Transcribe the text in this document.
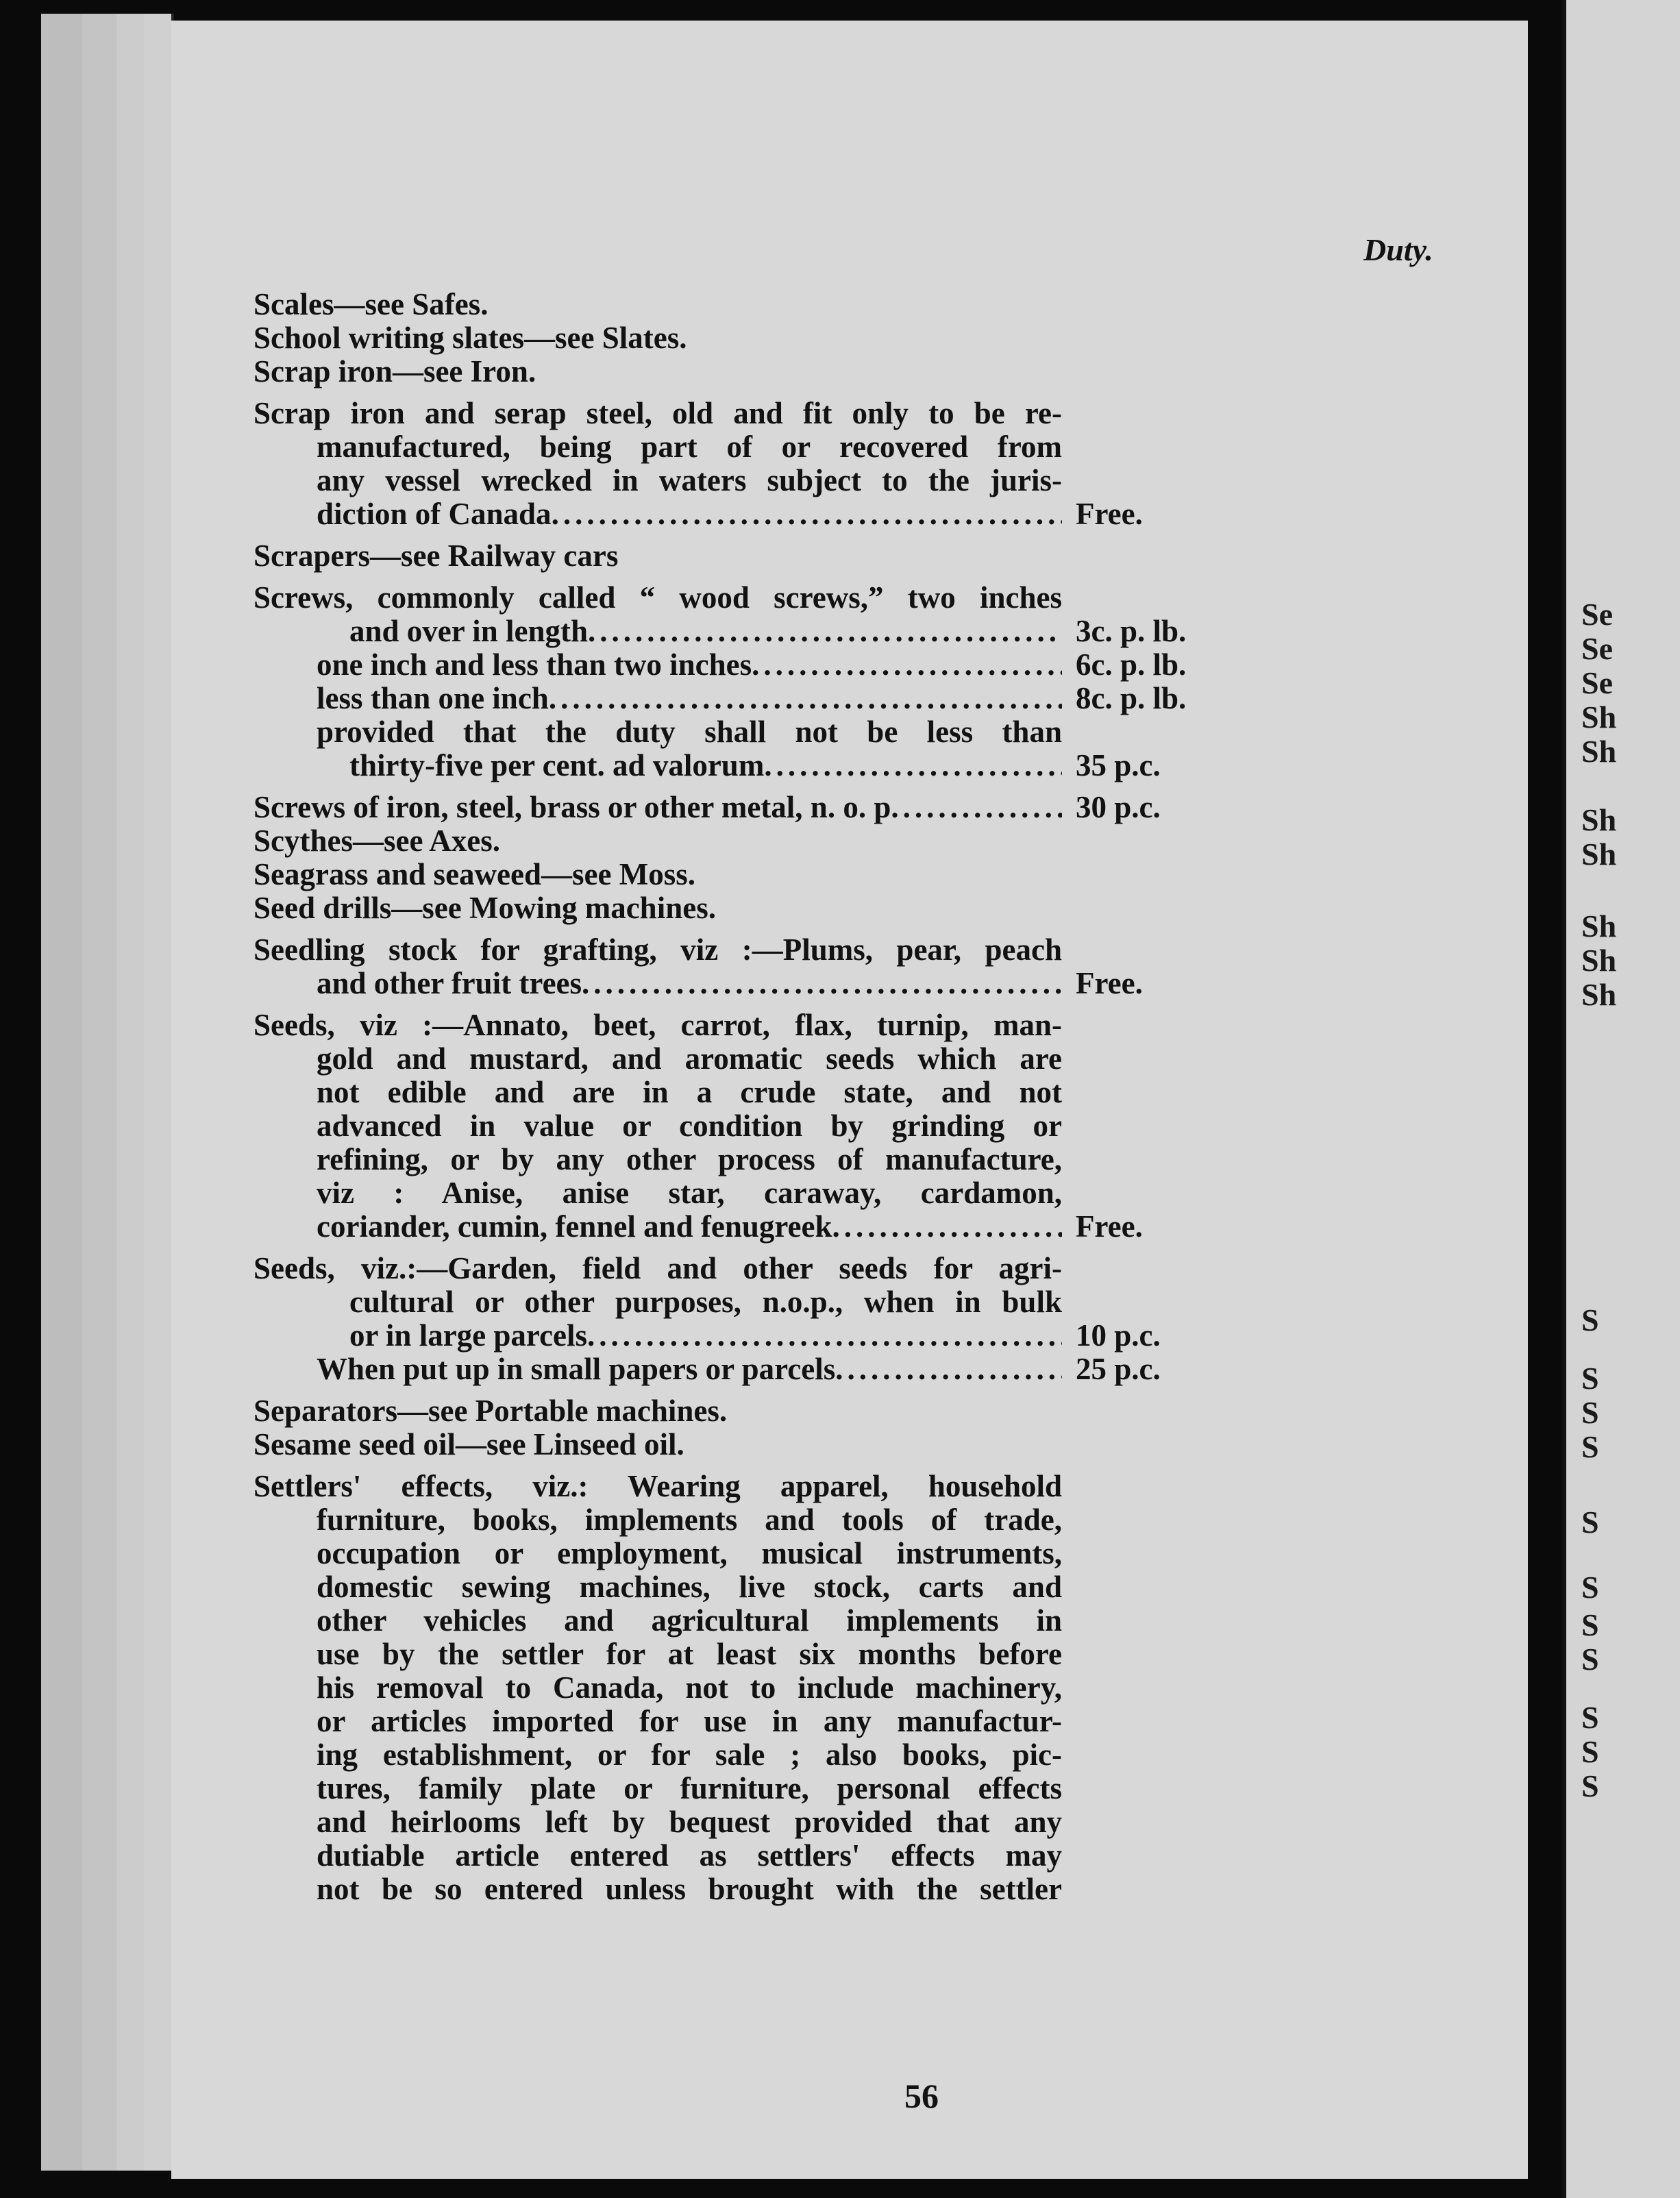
Se
Se
Se
Sh
Sh
Sh
Sh
Sh
Sh
Sh
S
S
S
S
S
S
S
S
S
S
S
Duty.
Scales—see Safes.
School writing slates—see Slates.
Scrap iron—see Iron.
Scrap iron and serap steel, old and fit only to be re-
manufactured, being part of or recovered from
any vessel wrecked in waters subject to the juris-
diction of Canada .....	Free.
Scrapers—see Railway cars
Screws, commonly called “ wood screws,” two inches
and over in length .....	3c. p. lb.
one inch and less than two inches .....	6c. p. lb.
less than one inch .....	8c. p. lb.
provided that the duty shall not be less than
thirty-five per cent. ad valorum .....	35 p.c.
Screws of iron, steel, brass or other metal, n. o. p .....	30 p.c.
Scythes—see Axes.
Seagrass and seaweed—see Moss.
Seed drills—see Mowing machines.
Seedling stock for grafting, viz :—Plums, pear, peach
and other fruit trees .....	Free.
Seeds, viz :—Annato, beet, carrot, flax, turnip, man-
gold and mustard, and aromatic seeds which are
not edible and are in a crude state, and not
advanced in value or condition by grinding or
refining, or by any other process of manufacture,
viz : Anise, anise star, caraway, cardamon,
coriander, cumin, fennel and fenugreek .....	Free.
Seeds, viz.:—Garden, field and other seeds for agri-
cultural or other purposes, n.o.p., when in bulk
or in large parcels .....	10 p.c.
When put up in small papers or parcels .....	25 p.c.
Separators—see Portable machines.
Sesame seed oil—see Linseed oil.
Settlers' effects, viz.: Wearing apparel, household
furniture, books, implements and tools of trade,
occupation or employment, musical instruments,
domestic sewing machines, live stock, carts and
other vehicles and agricultural implements in
use by the settler for at least six months before
his removal to Canada, not to include machinery,
or articles imported for use in any manufactur-
ing establishment, or for sale ; also books, pic-
tures, family plate or furniture, personal effects
and heirlooms left by bequest provided that any
dutiable article entered as settlers' effects may
not be so entered unless brought with the settler
56
